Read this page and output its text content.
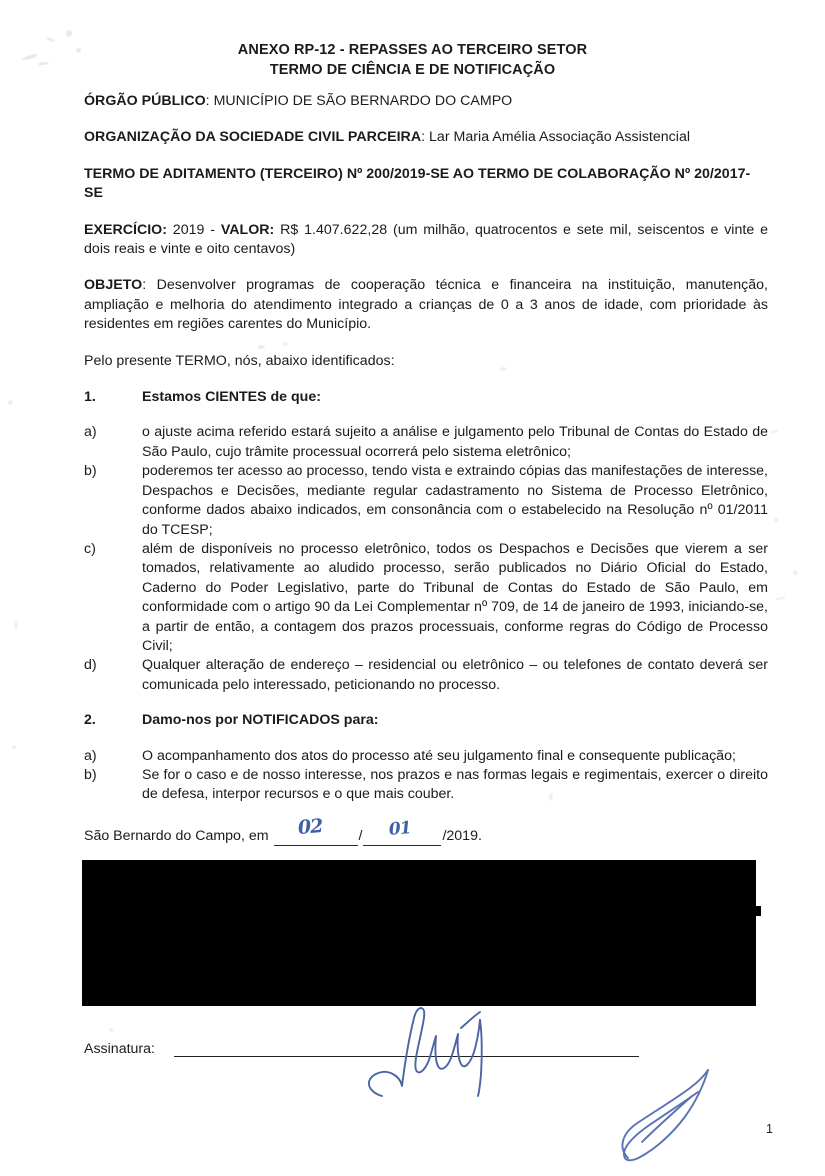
ANEXO RP-12 - REPASSES AO TERCEIRO SETOR
TERMO DE CIÊNCIA E DE NOTIFICAÇÃO

ÓRGÃO PÚBLICO: MUNICÍPIO DE SÃO BERNARDO DO CAMPO

ORGANIZAÇÃO DA SOCIEDADE CIVIL PARCEIRA: Lar Maria Amélia Associação Assistencial

TERMO DE ADITAMENTO (TERCEIRO) Nº 200/2019-SE AO TERMO DE COLABORAÇÃO Nº 20/2017-SE

EXERCÍCIO: 2019 - VALOR: R$ 1.407.622,28 (um milhão, quatrocentos e sete mil, seiscentos e vinte e dois reais e vinte e oito centavos)

OBJETO: Desenvolver programas de cooperação técnica e financeira na instituição, manutenção, ampliação e melhoria do atendimento integrado a crianças de 0 a 3 anos de idade, com prioridade às residentes em regiões carentes do Município.

Pelo presente TERMO, nós, abaixo identificados:

1.	Estamos CIENTES de que:

a)	o ajuste acima referido estará sujeito a análise e julgamento pelo Tribunal de Contas do Estado de São Paulo, cujo trâmite processual ocorrerá pelo sistema eletrônico;

b)	poderemos ter acesso ao processo, tendo vista e extraindo cópias das manifestações de interesse, Despachos e Decisões, mediante regular cadastramento no Sistema de Processo Eletrônico, conforme dados abaixo indicados, em consonância com o estabelecido na Resolução nº 01/2011 do TCESP;

c)	além de disponíveis no processo eletrônico, todos os Despachos e Decisões que vierem a ser tomados, relativamente ao aludido processo, serão publicados no Diário Oficial do Estado, Caderno do Poder Legislativo, parte do Tribunal de Contas do Estado de São Paulo, em conformidade com o artigo 90 da Lei Complementar nº 709, de 14 de janeiro de 1993, iniciando-se, a partir de então, a contagem dos prazos processuais, conforme regras do Código de Processo Civil;

d)	Qualquer alteração de endereço – residencial ou eletrônico – ou telefones de contato deverá ser comunicada pelo interessado, peticionando no processo.

2.	Damo-nos por NOTIFICADOS para:

a)	O acompanhamento dos atos do processo até seu julgamento final e consequente publicação;

b)	Se for o caso e de nosso interesse, nos prazos e nas formas legais e regimentais, exercer o direito de defesa, interpor recursos e o que mais couber.

São Bernardo do Campo, em	/	/2019.
02	01
Assinatura:
1
